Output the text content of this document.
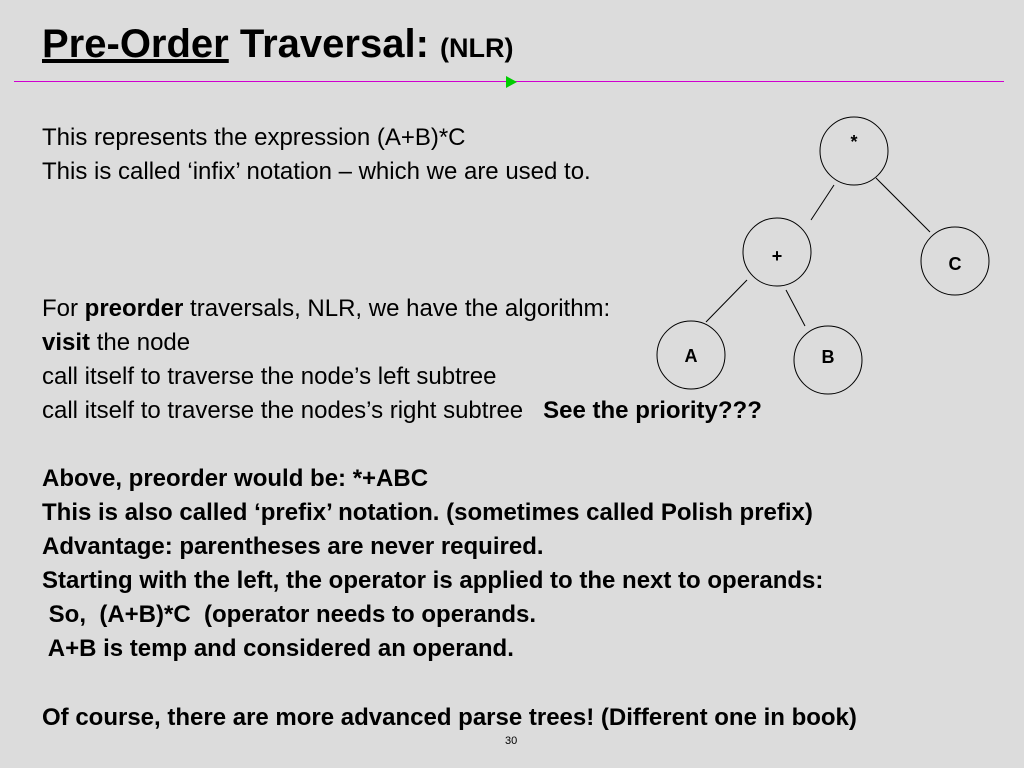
Pre-Order Traversal: (NLR)
This represents the expression (A+B)*C
This is called ‘infix’ notation – which we are used to.
For preorder traversals, NLR, we have the algorithm:
visit the node
call itself to traverse the node’s left subtree
call itself to traverse the nodes’s right subtree See the priority???
Above, preorder would be: *+ABC
This is also called ‘prefix’ notation. (sometimes called Polish prefix)
Advantage: parentheses are never required.
Starting with the left, the operator is applied to the next to operands:
So,  (A+B)*C  (operator needs to operands.
A+B is temp and considered an operand.
Of course, there are more advanced parse trees! (Different one in book)
30
*
+	C
A	B
